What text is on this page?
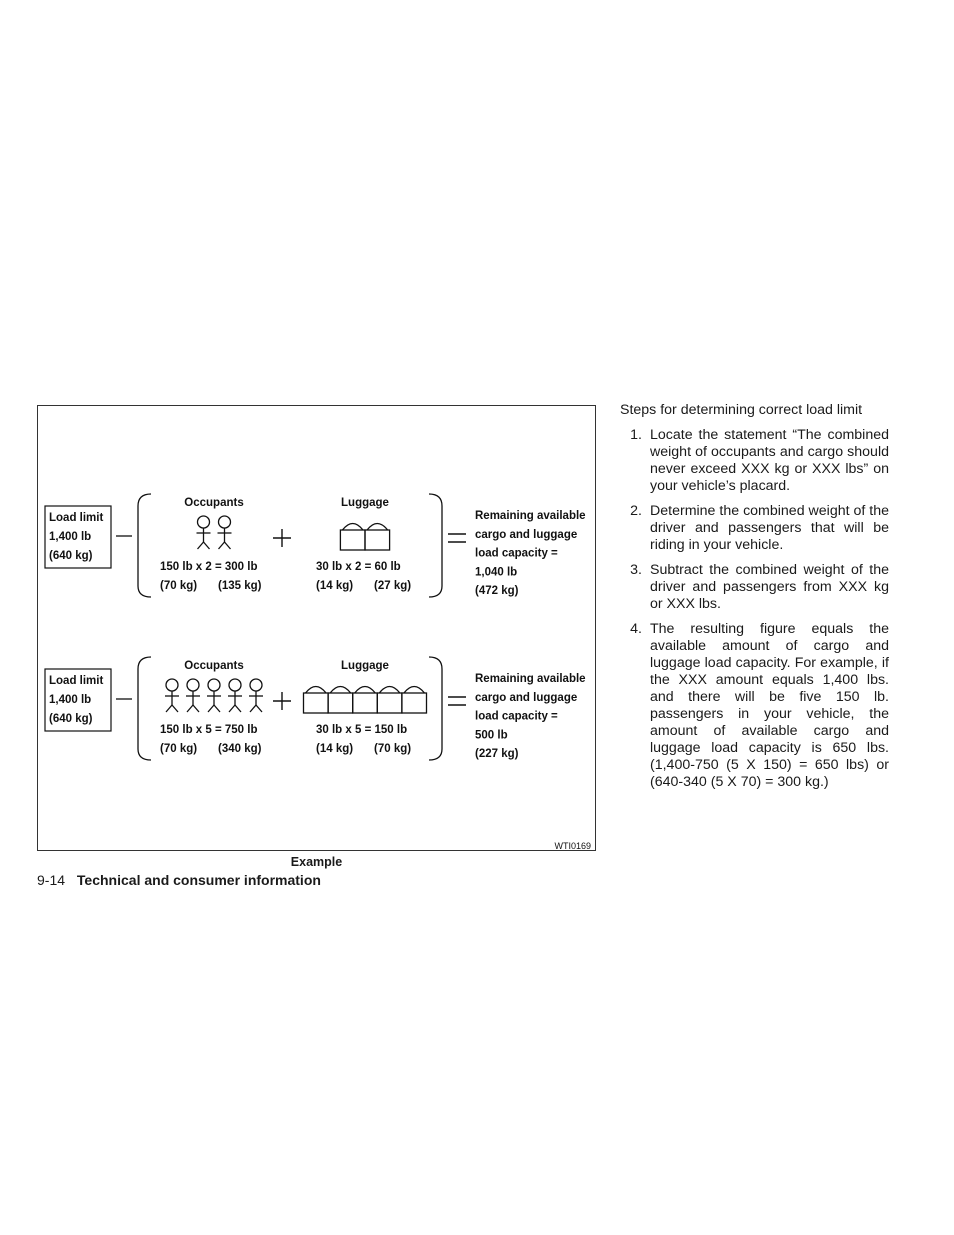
Load limit
1,400 lb
(640 kg)
Occupants
150 lb x 2 = 300 lb
(70 kg) (135 kg)
Luggage
30 lb x 2 = 60 lb
(14 kg) (27 kg)
Remaining available
cargo and luggage
load capacity =
1,040 lb
(472 kg)
Load limit
1,400 lb
(640 kg)
Occupants
150 lb x 5 = 750 lb
(70 kg) (340 kg)
Luggage
30 lb x 5 = 150 lb
(14 kg) (70 kg)
Remaining available
cargo and luggage
load capacity =
500 lb
(227 kg)
WTI0169
Example
9-14 Technical and consumer information
Steps for determining correct load limit
1. Locate the statement “The combined weight of occupants and cargo should never exceed XXX kg or XXX lbs” on your vehicle’s placard.
2. Determine the combined weight of the driver and passengers that will be riding in your vehicle.
3. Subtract the combined weight of the driver and passengers from XXX kg or XXX lbs.
4. The resulting figure equals the available amount of cargo and luggage load capacity. For example, if the XXX amount equals 1,400 lbs. and there will be five 150 lb. passengers in your vehicle, the amount of available cargo and luggage load capacity is 650 lbs. (1,400-750 (5 X 150) = 650 lbs) or (640-340 (5 X 70) = 300 kg.)
